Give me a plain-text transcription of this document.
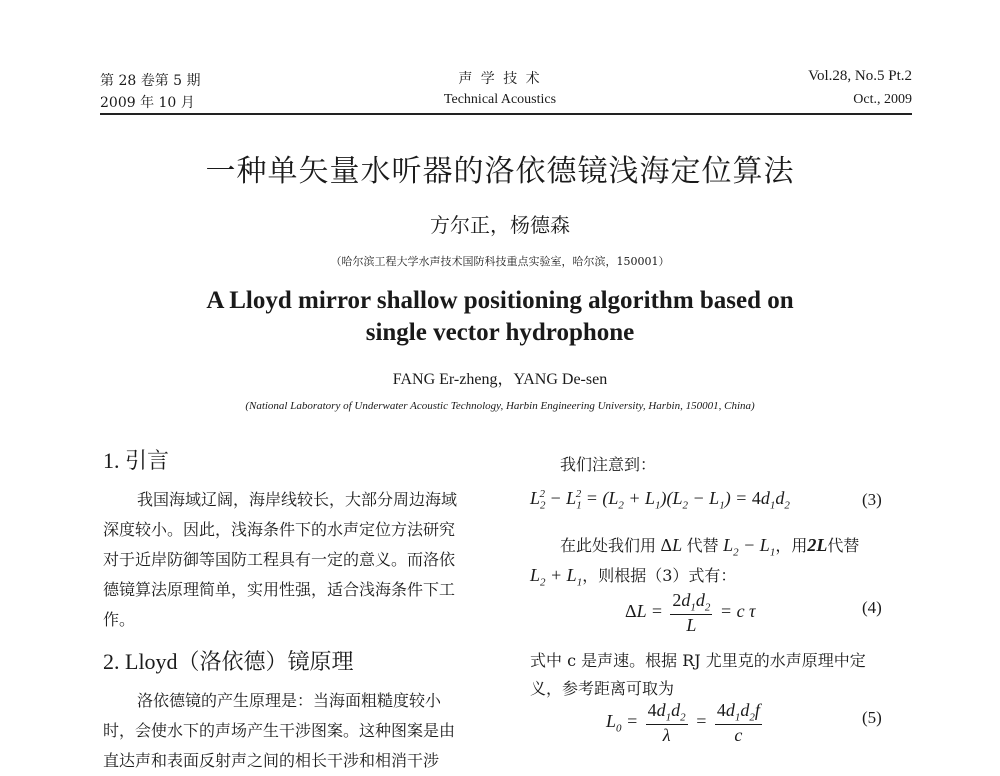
第 28 卷第 5 期
2009 年 10 月
声 学 技 术
Technical Acoustics
Vol.28, No.5 Pt.2
Oct., 2009
一种单矢量水听器的洛依德镜浅海定位算法
方尔正，杨德森
（哈尔滨工程大学水声技术国防科技重点实验室，哈尔滨，150001）
A Lloyd mirror shallow positioning algorithm based on
single vector hydrophone
FANG Er-zheng，YANG De-sen
(National Laboratory of Underwater Acoustic Technology, Harbin Engineering University, Harbin, 150001, China)
1. 引言
我国海域辽阔，海岸线较长，大部分周边海域
深度较小。因此，浅海条件下的水声定位方法研究
对于近岸防御等国防工程具有一定的意义。而洛依
德镜算法原理简单，实用性强，适合浅海条件下工
作。
2. Lloyd（洛依德）镜原理
洛依德镜的产生原理是：当海面粗糙度较小
时，会使水下的声场产生干涉图案。这种图案是由
直达声和表面反射声之间的相长干涉和相消干涉
我们注意到：
$L_2^2 - L_1^2 = (L_2 + L_1)(L_2 - L_1) = 4d_1d_2$	(3)
在此处我们用 ΔL 代替 $L_2 - L_1$，用2L代替
$L_2 + L_1$，则根据（3）式有：
$\Delta L = \frac{2d_1d_2}{L} = c$ τ	(4)
式中 c 是声速。根据 RJ 尤里克的水声原理中定
义，参考距离可取为
$L_0 = \frac{4d_1d_2}{\lambda} = \frac{4d_1d_2f}{c}$	(5)
